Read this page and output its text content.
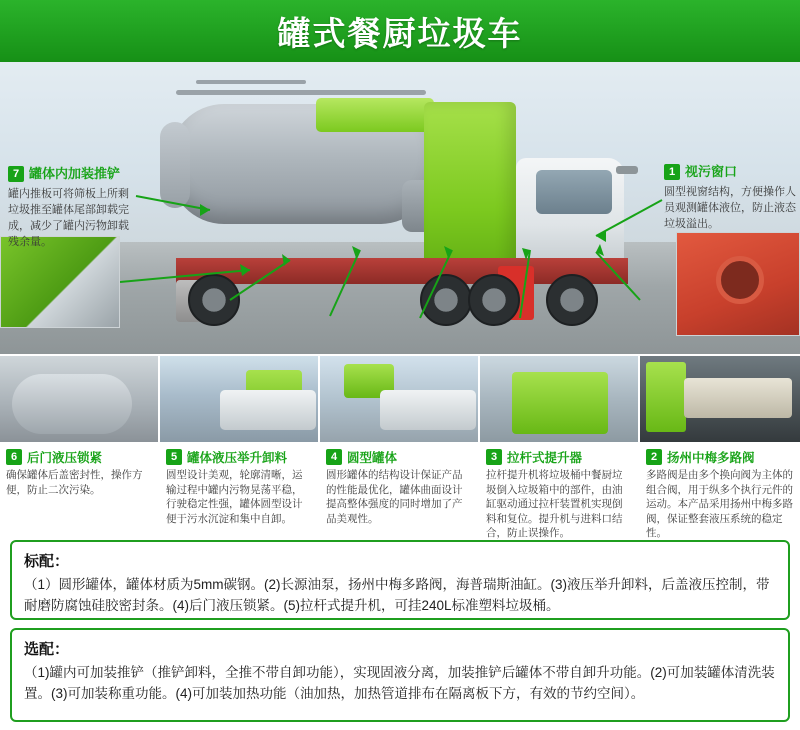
罐式餐厨垃圾车
7 罐体内加装推铲
罐内推板可将筛板上所剩垃圾推至罐体尾部卸载完成，减少了罐内污物卸载残余量。
1 视污窗口
圆型视窗结构，方便操作人员观测罐体液位，防止液态垃圾溢出。
6 后门液压锁紧
确保罐体后盖密封性，操作方便，防止二次污染。
5 罐体液压举升卸料
圆型设计美观，轮廓清晰，运输过程中罐内污物晃荡平稳，行驶稳定性强，罐体圆型设计便于污水沉淀和集中自卸。
4 圆型罐体
圆形罐体的结构设计保证产品的性能最优化，罐体曲面设计提高整体强度的同时增加了产品美观性。
3 拉杆式提升器
拉杆提升机将垃圾桶中餐厨垃圾倒入垃圾箱中的部件，由油缸驱动通过拉杆装置机实现倒料和复位。提升机与进料口结合，防止误操作。
2 扬州中梅多路阀
多路阀是由多个换向阀为主体的组合阀，用于纵多个执行元件的运动。本产品采用扬州中梅多路阀，保证整套液压系统的稳定性。
标配：
（1）圆形罐体，罐体材质为5mm碳钢。(2)长源油泵，扬州中梅多路阀，海普瑞斯油缸。(3)液压举升卸料，后盖液压控制，带耐磨防腐蚀硅胶密封条。(4)后门液压锁紧。(5)拉杆式提升机，可挂240L标准塑料垃圾桶。
选配：
（1)罐内可加装推铲（推铲卸料，全推不带自卸功能），实现固液分离，加装推铲后罐体不带自卸升功能。(2)可加装罐体清洗装置。(3)可加装称重功能。(4)可加装加热功能（油加热，加热管道排布在隔离板下方，有效的节约空间）。
